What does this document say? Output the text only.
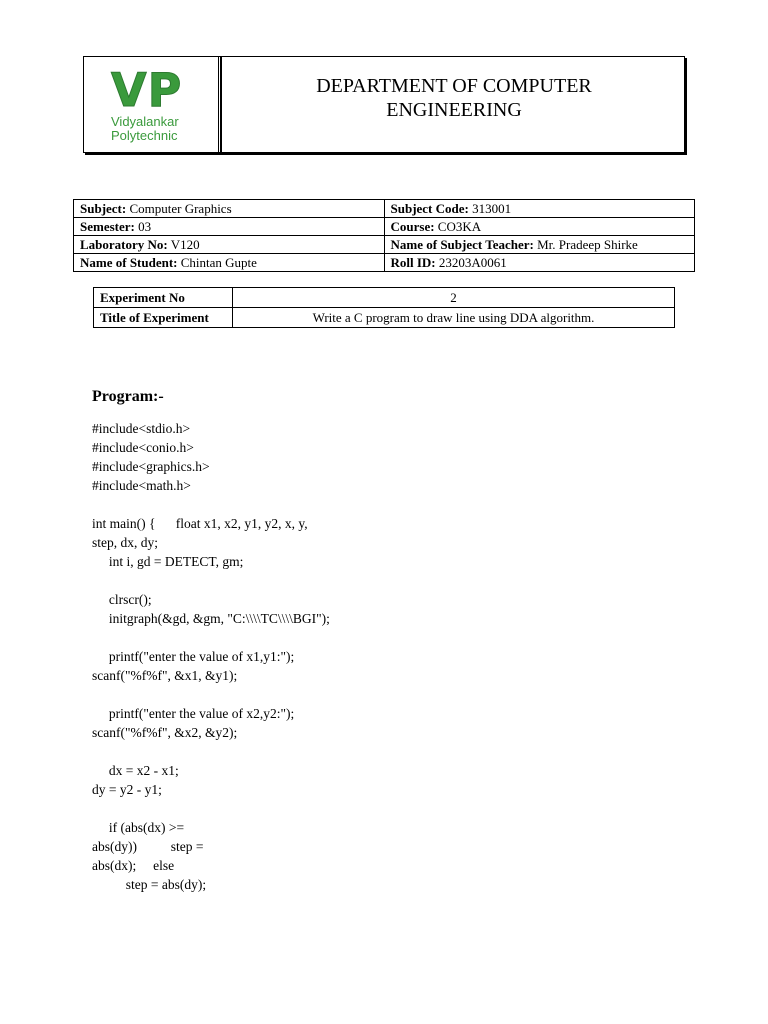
VP
Vidyalankar
Polytechnic
DEPARTMENT OF COMPUTER
ENGINEERING
Subject: Computer Graphics	Subject Code: 313001
Semester: 03	Course: CO3KA
Laboratory No: V120	Name of Subject Teacher: Mr. Pradeep Shirke
Name of Student: Chintan Gupte	Roll ID: 23203A0061
Experiment No	2
Title of Experiment	Write a C program to draw line using DDA algorithm.
Program:-
#include<stdio.h>
#include<conio.h>
#include<graphics.h>
#include<math.h>

int main() {      float x1, x2, y1, y2, x, y,
step, dx, dy;
int i, gd = DETECT, gm;

clrscr();
initgraph(&gd, &gm, "C:\\\\TC\\\\BGI");

printf("enter the value of x1,y1:");
scanf("%f%f", &x1, &y1);

printf("enter the value of x2,y2:");
scanf("%f%f", &x2, &y2);

dx = x2 - x1;
dy = y2 - y1;

if (abs(dx) >=
abs(dy))          step =
abs(dx);     else
step = abs(dy);
